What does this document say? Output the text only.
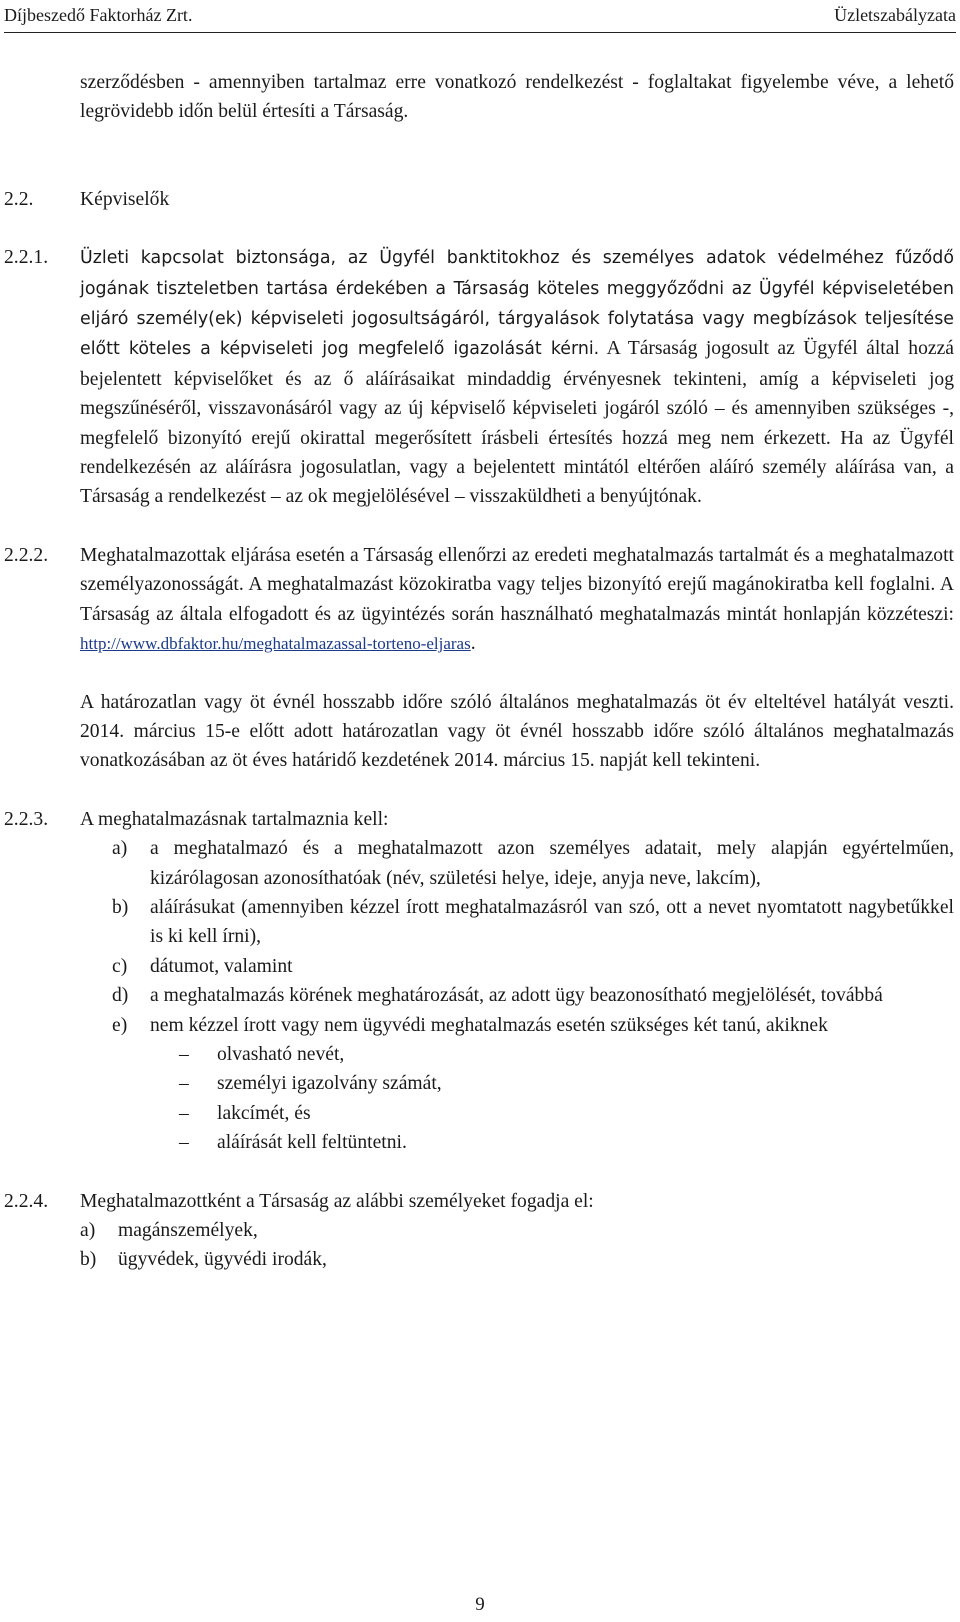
Díjbeszedő Faktorház Zrt.	Üzletszabályzata

szerződésben - amennyiben tartalmaz erre vonatkozó rendelkezést - foglaltakat figyelembe véve, a lehető legrövidebb időn belül értesíti a Társaság.

2.2.	Képviselők
2.2.1.	Üzleti kapcsolat biztonsága, az Ügyfél banktitokhoz és személyes adatok védelméhez fűződő jogának tiszteletben tartása érdekében a Társaság köteles meggyőződni az Ügyfél képviseletében eljáró személy(ek) képviseleti jogosultságáról, tárgyalások folytatása vagy megbízások teljesítése előtt köteles a képviseleti jog megfelelő igazolását kérni. A Társaság jogosult az Ügyfél által hozzá bejelentett képviselőket és az ő aláírásaikat mindaddig érvényesnek tekinteni, amíg a képviseleti jog megszűnéséről, visszavonásáról vagy az új képviselő képviseleti jogáról szóló – és amennyiben szükséges -, megfelelő bizonyító erejű okirattal megerősített írásbeli értesítés hozzá meg nem érkezett. Ha az Ügyfél rendelkezésén az aláírásra jogosulatlan, vagy a bejelentett mintától eltérően aláíró személy aláírása van, a Társaság a rendelkezést – az ok megjelölésével – visszaküldheti a benyújtónak.
2.2.2.	Meghatalmazottak eljárása esetén a Társaság ellenőrzi az eredeti meghatalmazás tartalmát és a meghatalmazott személyazonosságát. A meghatalmazást közokiratba vagy teljes bizonyító erejű magánokiratba kell foglalni. A Társaság az általa elfogadott és az ügyintézés során használható meghatalmazás mintát honlapján közzéteszi: http://www.dbfaktor.hu/meghatalmazassal-torteno-eljaras.

A határozatlan vagy öt évnél hosszabb időre szóló általános meghatalmazás öt év elteltével hatályát veszti. 2014. március 15-e előtt adott határozatlan vagy öt évnél hosszabb időre szóló általános meghatalmazás vonatkozásában az öt éves határidő kezdetének 2014. március 15. napját kell tekinteni.

2.2.3.	A meghatalmazásnak tartalmaznia kell:
a)	a meghatalmazó és a meghatalmazott azon személyes adatait, mely alapján egyértelműen, kizárólagosan azonosíthatóak (név, születési helye, ideje, anyja neve, lakcím),
b)	aláírásukat (amennyiben kézzel írott meghatalmazásról van szó, ott a nevet nyomtatott nagybetűkkel is ki kell írni),
c)	dátumot, valamint
d)	a meghatalmazás körének meghatározását, az adott ügy beazonosítható megjelölését, továbbá
e)	nem kézzel írott vagy nem ügyvédi meghatalmazás esetén szükséges két tanú, akiknek
–	olvasható nevét,
–	személyi igazolvány számát,
–	lakcímét, és
–	aláírását kell feltüntetni.
2.2.4.	Meghatalmazottként a Társaság az alábbi személyeket fogadja el:
a)	magánszemélyek,
b)	ügyvédek, ügyvédi irodák,
9
